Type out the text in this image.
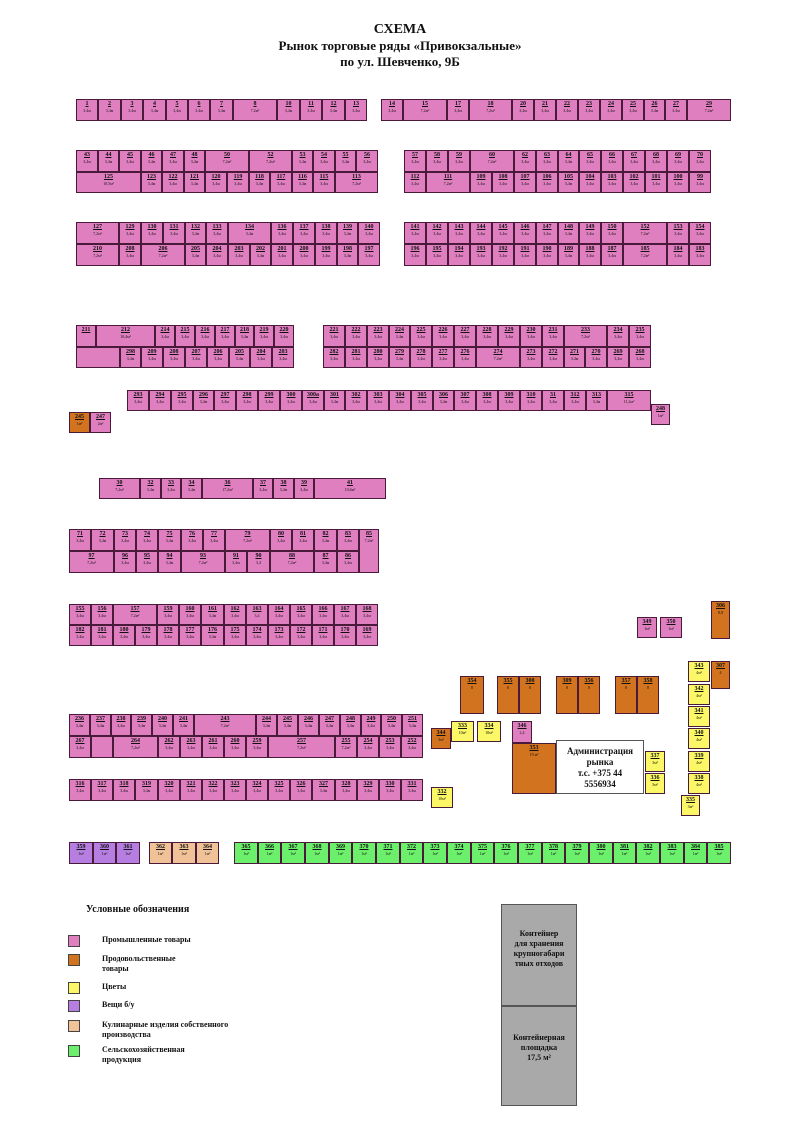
СХЕМА
Рынок торговые ряды «Привокзальные»
по ул. Шевченко, 9Б
1
3,4м
2
3,4м
3
3,4м
4
3,4м
5
3,4м
6
3,4м
7
3,4м
8
7,2м²
10
3,4м
11
3,4м
12
3,4м
13
3,4м
14
3,4м
15
7,2м²
17
3,4м
18
7,2м²
20
3,4м
21
3,4м
22
3,4м
23
3,4м
24
3,4м
25
3,4м
26
3,4м
27
3,4м
29
7,2м²
43
3,4м
44
3,4м
45
3,4м
46
3,4м
47
3,4м
48
3,4м
50
7,2м²
52
7,2м²
53
3,4м
54
3,4м
55
3,4м
56
3,4м
125
10,5м²
123
3,4м
122
3,4м
121
3,4м
120
3,4м
119
3,4м
118
3,4м
117
3,4м
116
3,4м
115
3,4м
113
7,2м²
57
3,4м
58
3,4м
59
3,4м
60
7,2м²
62
3,4м
63
3,4м
64
3,4м
65
3,4м
66
3,4м
67
3,4м
68
3,4м
69
3,4м
70
3,4м
112
3,4м
111
7,2м²
109
3,4м
108
3,4м
107
3,4м
106
3,4м
105
3,4м
104
3,4м
103
3,4м
102
3,4м
101
3,4м
100
3,4м
99
3,4м
127
7,2м²
129
3,4м
130
3,4м
131
3,4м
132
3,4м
133
3,4м
134
3,4м
136
3,4м
137
3,4м
138
3,4м
139
3,4м
140
3,4м
210
7,2м²
208
3,4м
206
7,2м²
205
3,4м
204
3,4м
203
3,4м
202
3,4м
201
3,4м
200
3,4м
199
3,4м
198
3,4м
197
3,4м
141
3,4м
142
3,4м
143
3,4м
144
3,4м
145
3,4м
146
3,4м
147
3,4м
148
3,4м
149
3,4м
150
3,4м
152
7,2м²
153
3,4м
154
3,4м
196
3,4м
195
3,4м
194
3,4м
193
3,4м
192
3,4м
191
3,4м
190
3,4м
189
3,4м
188
3,4м
187
3,4м
185
7,2м²
184
3,4м
183
3,4м
211	212
10,4м²
214
3,4м
215
3,4м
216
3,4м
217
3,4м
218
3,4м
219
3,4м
220
3,4м
298
3,4м
209
3,4м
208
3,4м
207
3,4м
206
3,4м
205
3,4м
204
3,4м
203
3,4м
221
3,4м
222
3,4м
223
3,4м
224
3,4м
225
3,4м
226
3,4м
227
3,4м
228
3,4м
229
3,4м
230
3,4м
231
3,4м
233
7,2м²
234
3,4м
235
3,4м
282
3,4м
281
3,4м
280
3,4м
279
3,4м
278
3,4м
277
3,4м
276
3,4м
274
7,2м²
273
3,4м
272
3,4м
271
3,4м
270
3,4м
269
3,4м
268
3,4м
293
3,4м
294
3,4м
295
3,4м
296
3,4м
297
3,4м
298
3,4м
299
3,4м
300
3,4м
300а
3,4м
301
3,4м
302
3,4м
303
3,4м
304
3,4м
305
3,4м
306
3,4м
307
3,4м
308
3,4м
309
3,4м
310
3,4м
31
3,4м
312
3,4м
313
3,4м
315
11,2м²
30
7,2м²
32
3,4м
33
3,4м
34
3,4м
36
17,2м²
37
3,4м
38
3,4м
39
3,4м
41
10,6м²
71
3,4м
72
3,4м
73
3,4м
74
3,4м
75
3,4м
76
3,4м
77
3,4м
79
7,2м²
80
3,4м
81
3,4м
82
3,4м
83
3,4м
97
7,2м²
96
3,4м
95
3,4м
94
3,4м
93
7,2м²
91
3,4м
90
3,4
88
7,2м²
87
3,4м
86
3,4м
155
3,4м
156
3,4м
157
7,2м²
159
3,4м
160
3,4м
161
3,4м
162
3,4м
163
3,4
164
3,4м
165
3,4м
166
3,4м
167
3,4м
168
3,4м
182
3,4м
181
3,4м
180
3,4м
179
3,4м
178
3,4м
177
3,4м
176
3,4м
175
3,4м
174
3,4м
173
3,4м
172
3,4м
171
3,4м
170
3,4м
169
3,4м
236
3,4м
237
3,4м
238
3,4м
239
3,4м
240
3,4м
241
3,4м
243
7,2м²
244
3,4м
245
3,4м
246
3,4м
247
3,4м
248
3,4м
249
3,4м
250
3,4м
251
3,4м
267
3,4м
264
7,2м²
262
3,4м
263
3,4м
261
3,4м
260
3,4м
259
3,4м
257
7,2м²
255
7,2м²
254
3,4м
253
3,4м
252
3,4м
316
3,4м
317
3,4м
318
3,4м
319
3,4м
320
3,4м
321
3,4м
322
3,4м
323
3,4м
324
3,4м
325
3,4м
326
3,4м
327
3,4м
328
3,4м
329
3,4м
330
3,4м
331
3,4м
359
1м²
360
1м²
361
1м²
362
1м²
363
1м²
364
1м²
365
1м²
366
1м²
367
1м²
368
1м²
369
1м²
370
1м²
371
1м²
372
1м²
373
1м²
374
1м²
375
1м²
376
1м²
377
1м²
378
1м²
379
1м²
380
1м²
381
1м²
382
1м²
383
1м²
384
1м²
385
1м²
245
1м²
247
2м²
248
1м²
85
7,2м²
349
1м²
350
1м²
306
8,8
354
8
355
8
308
8
309
8
356
8
357
8
358
8
343
4м²
307
4
342
4м²
341
4м²
340
4м²
339
4м²
338
4м²
335
3м²
346
2,4
353
19 м²	337
3м²
336
3м²
344
3м²
333
10м²
334
10м²
332
10м²
Администрация
рынка
т.с. +375 44
5556934
Условные обозначения
Промышленные товары
Продовольственные товары
Цветы
Вещи б/у
Кулинарные изделия собственного производства
Сельскохозяйственная продукция
Контейнер
для хранения
крупногабари
тных отходов
Контейнерная
площадка
17,5 м²
